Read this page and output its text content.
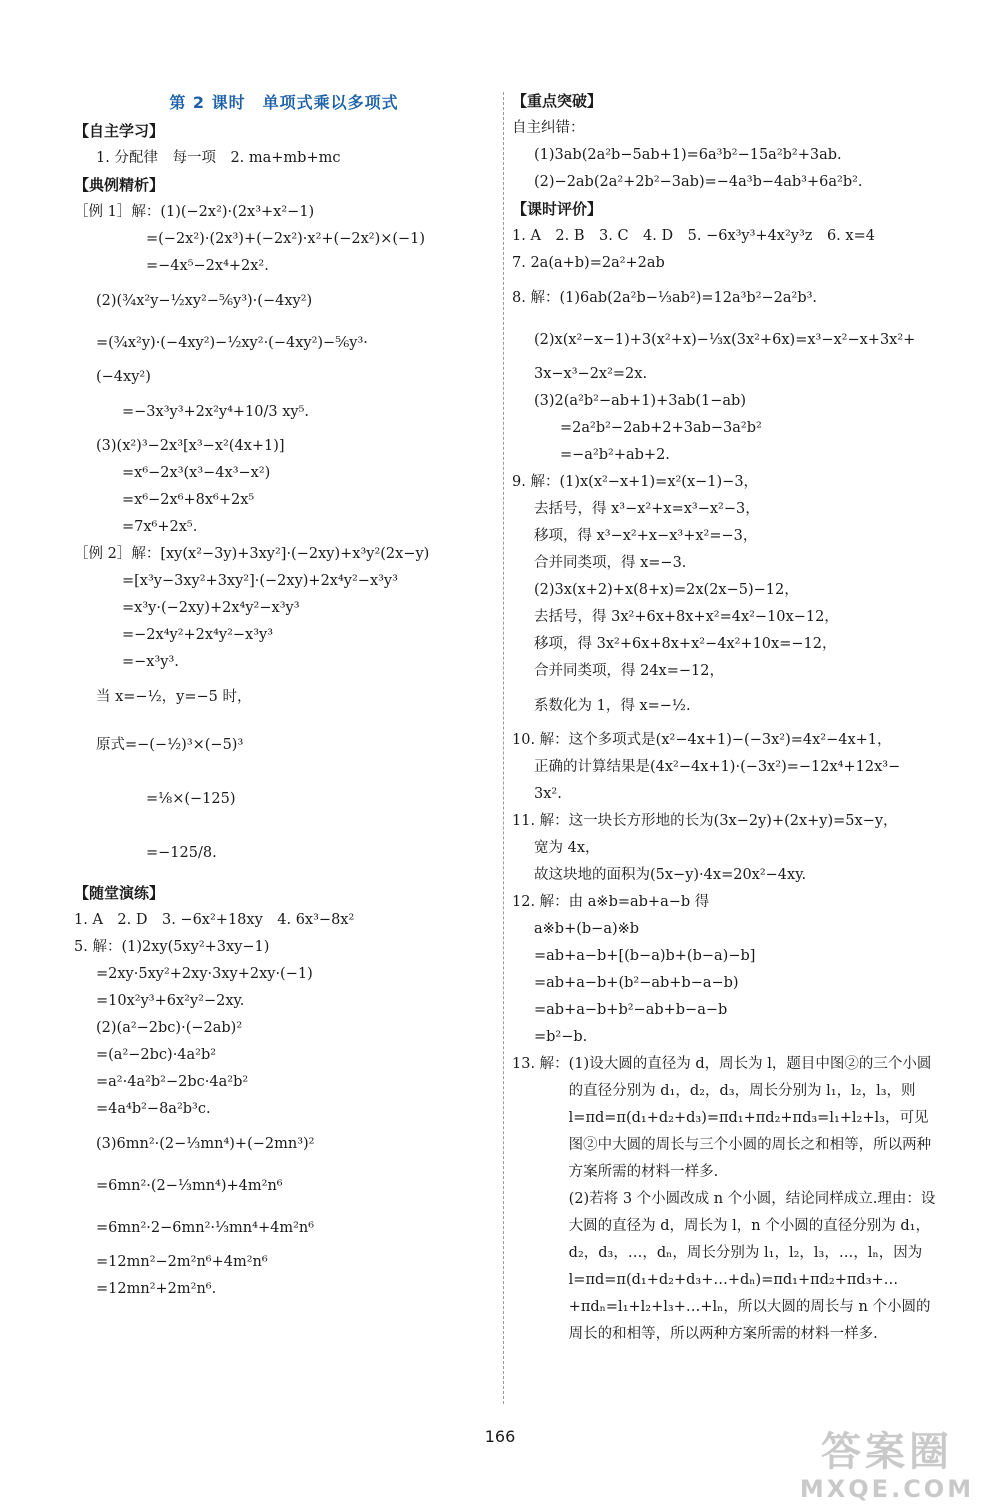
第 2 课时　单项式乘以多项式
【自主学习】
1. 分配律　每一项　2. ma+mb+mc
【典例精析】
［例 1］解：(1)(−2x²)·(2x³+x²−1)
=(−2x²)·(2x³)+(−2x²)·x²+(−2x²)×(−1)
=−4x⁵−2x⁴+2x².
(2)(¾x²y−½xy²−⅚y³)·(−4xy²)
=(¾x²y)·(−4xy²)−½xy²·(−4xy²)−⅚y³·
(−4xy²)
=−3x³y³+2x²y⁴+10/3 xy⁵.
(3)(x²)³−2x³[x³−x²(4x+1)]
=x⁶−2x³(x³−4x³−x²)
=x⁶−2x⁶+8x⁶+2x⁵
=7x⁶+2x⁵.
［例 2］解：[xy(x²−3y)+3xy²]·(−2xy)+x³y²(2x−y)
=[x³y−3xy²+3xy²]·(−2xy)+2x⁴y²−x³y³
=x³y·(−2xy)+2x⁴y²−x³y³
=−2x⁴y²+2x⁴y²−x³y³
=−x³y³.
当 x=−½，y=−5 时，
原式=−(−½)³×(−5)³
=⅛×(−125)
=−125/8.
【随堂演练】
1. A　2. D　3. −6x²+18xy　4. 6x³−8x²
5. 解：(1)2xy(5xy²+3xy−1)
=2xy·5xy²+2xy·3xy+2xy·(−1)
=10x²y³+6x²y²−2xy.
(2)(a²−2bc)·(−2ab)²
=(a²−2bc)·4a²b²
=a²·4a²b²−2bc·4a²b²
=4a⁴b²−8a²b³c.
(3)6mn²·(2−⅓mn⁴)+(−2mn³)²
=6mn²·(2−⅓mn⁴)+4m²n⁶
=6mn²·2−6mn²·⅓mn⁴+4m²n⁶
=12mn²−2m²n⁶+4m²n⁶
=12mn²+2m²n⁶.
【重点突破】
自主纠错：
(1)3ab(2a²b−5ab+1)=6a³b²−15a²b²+3ab.
(2)−2ab(2a²+2b²−3ab)=−4a³b−4ab³+6a²b².
【课时评价】
1. A　2. B　3. C　4. D　5. −6x³y³+4x²y³z　6. x=4
7. 2a(a+b)=2a²+2ab
8. 解：(1)6ab(2a²b−⅓ab²)=12a³b²−2a²b³.
(2)x(x²−x−1)+3(x²+x)−⅓x(3x²+6x)=x³−x²−x+3x²+
3x−x³−2x²=2x.
(3)2(a²b²−ab+1)+3ab(1−ab)
=2a²b²−2ab+2+3ab−3a²b²
=−a²b²+ab+2.
9. 解：(1)x(x²−x+1)=x²(x−1)−3，
去括号，得 x³−x²+x=x³−x²−3，
移项，得 x³−x²+x−x³+x²=−3，
合并同类项，得 x=−3.
(2)3x(x+2)+x(8+x)=2x(2x−5)−12，
去括号，得 3x²+6x+8x+x²=4x²−10x−12，
移项，得 3x²+6x+8x+x²−4x²+10x=−12，
合并同类项，得 24x=−12，
系数化为 1，得 x=−½.
10. 解：这个多项式是(x²−4x+1)−(−3x²)=4x²−4x+1，
正确的计算结果是(4x²−4x+1)·(−3x²)=−12x⁴+12x³−
3x².
11. 解：这一块长方形地的长为(3x−2y)+(2x+y)=5x−y，
宽为 4x，
故这块地的面积为(5x−y)·4x=20x²−4xy.
12. 解：由 a※b=ab+a−b 得
a※b+(b−a)※b
=ab+a−b+[(b−a)b+(b−a)−b]
=ab+a−b+(b²−ab+b−a−b)
=ab+a−b+b²−ab+b−a−b
=b²−b.
13. 解： (1)设大圆的直径为 d，周长为 l，题目中图②的三个小圆的直径分别为 d₁，d₂，d₃，周长分别为 l₁，l₂，l₃，则 l=πd=π(d₁+d₂+d₃)=πd₁+πd₂+πd₃=l₁+l₂+l₃，可见图②中大圆的周长与三个小圆的周长之和相等，所以两种方案所需的材料一样多.
(2)若将 3 个小圆改成 n 个小圆，结论同样成立.理由：设大圆的直径为 d，周长为 l，n 个小圆的直径分别为 d₁，d₂，d₃，…，dₙ，周长分别为 l₁，l₂，l₃，…，lₙ，因为 l=πd=π(d₁+d₂+d₃+…+dₙ)=πd₁+πd₂+πd₃+…+πdₙ=l₁+l₂+l₃+…+lₙ，所以大圆的周长与 n 个小圆的周长的和相等，所以两种方案所需的材料一样多.
166	答案圈
MXQE.COM
